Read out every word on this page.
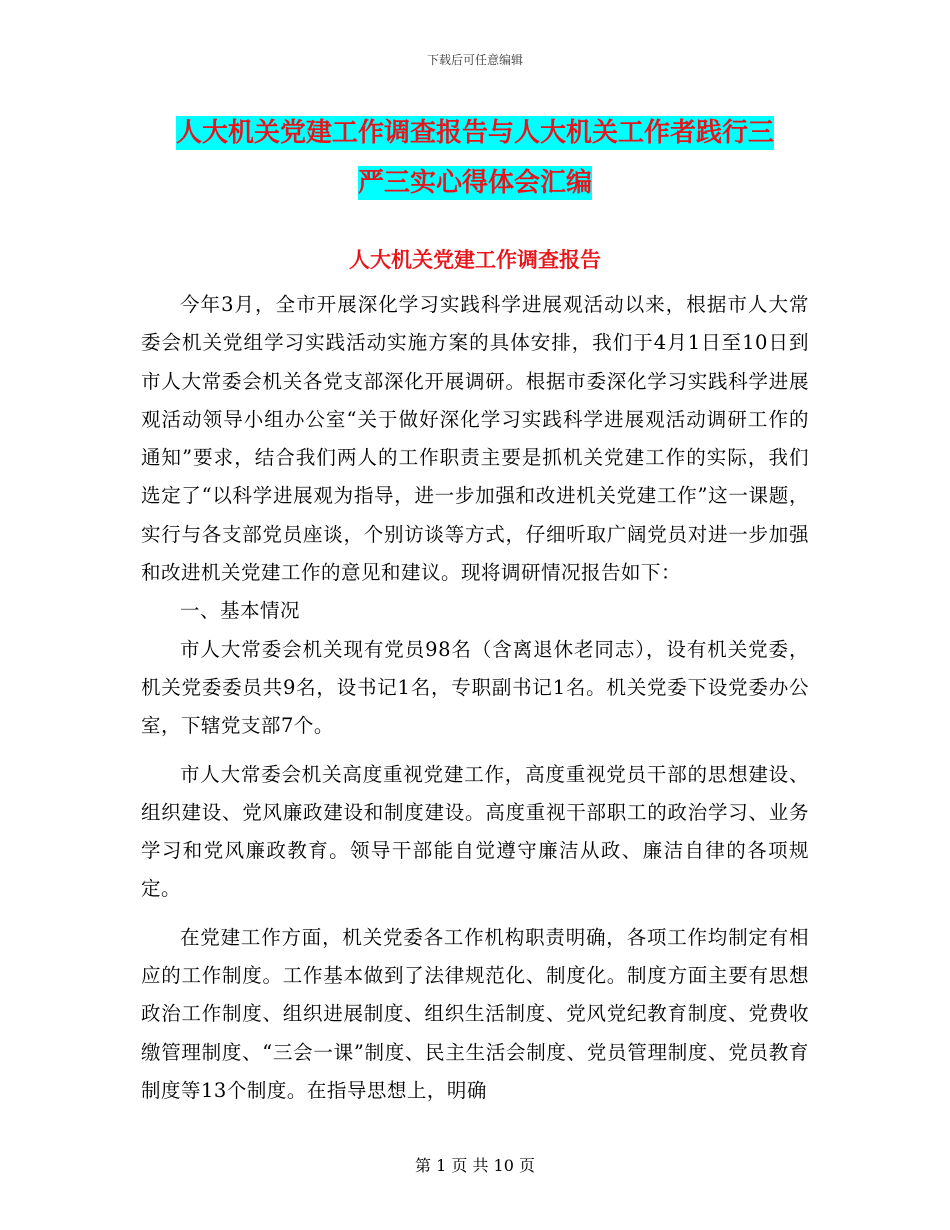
下载后可任意编辑
人大机关党建工作调查报告与人大机关工作者践行三
严三实心得体会汇编
人大机关党建工作调查报告

今年3月，全市开展深化学习实践科学进展观活动以来，根据市人大常委会机关党组学习实践活动实施方案的具体安排，我们于4月1日至10日到市人大常委会机关各党支部深化开展调研。根据市委深化学习实践科学进展观活动领导小组办公室“关于做好深化学习实践科学进展观活动调研工作的通知”要求，结合我们两人的工作职责主要是抓机关党建工作的实际，我们选定了“以科学进展观为指导，进一步加强和改进机关党建工作”这一课题，实行与各支部党员座谈，个别访谈等方式，仔细听取广阔党员对进一步加强和改进机关党建工作的意见和建议。现将调研情况报告如下：

一、基本情况

市人大常委会机关现有党员98名（含离退休老同志），设有机关党委，机关党委委员共9名，设书记1名，专职副书记1名。机关党委下设党委办公室，下辖党支部7个。

市人大常委会机关高度重视党建工作，高度重视党员干部的思想建设、组织建设、党风廉政建设和制度建设。高度重视干部职工的政治学习、业务学习和党风廉政教育。领导干部能自觉遵守廉洁从政、廉洁自律的各项规定。

在党建工作方面，机关党委各工作机构职责明确，各项工作均制定有相应的工作制度。工作基本做到了法律规范化、制度化。制度方面主要有思想政治工作制度、组织进展制度、组织生活制度、党风党纪教育制度、党费收缴管理制度、“三会一课”制度、民主生活会制度、党员管理制度、党员教育制度等13个制度。在指导思想上，明确

第 1 页 共 10 页
